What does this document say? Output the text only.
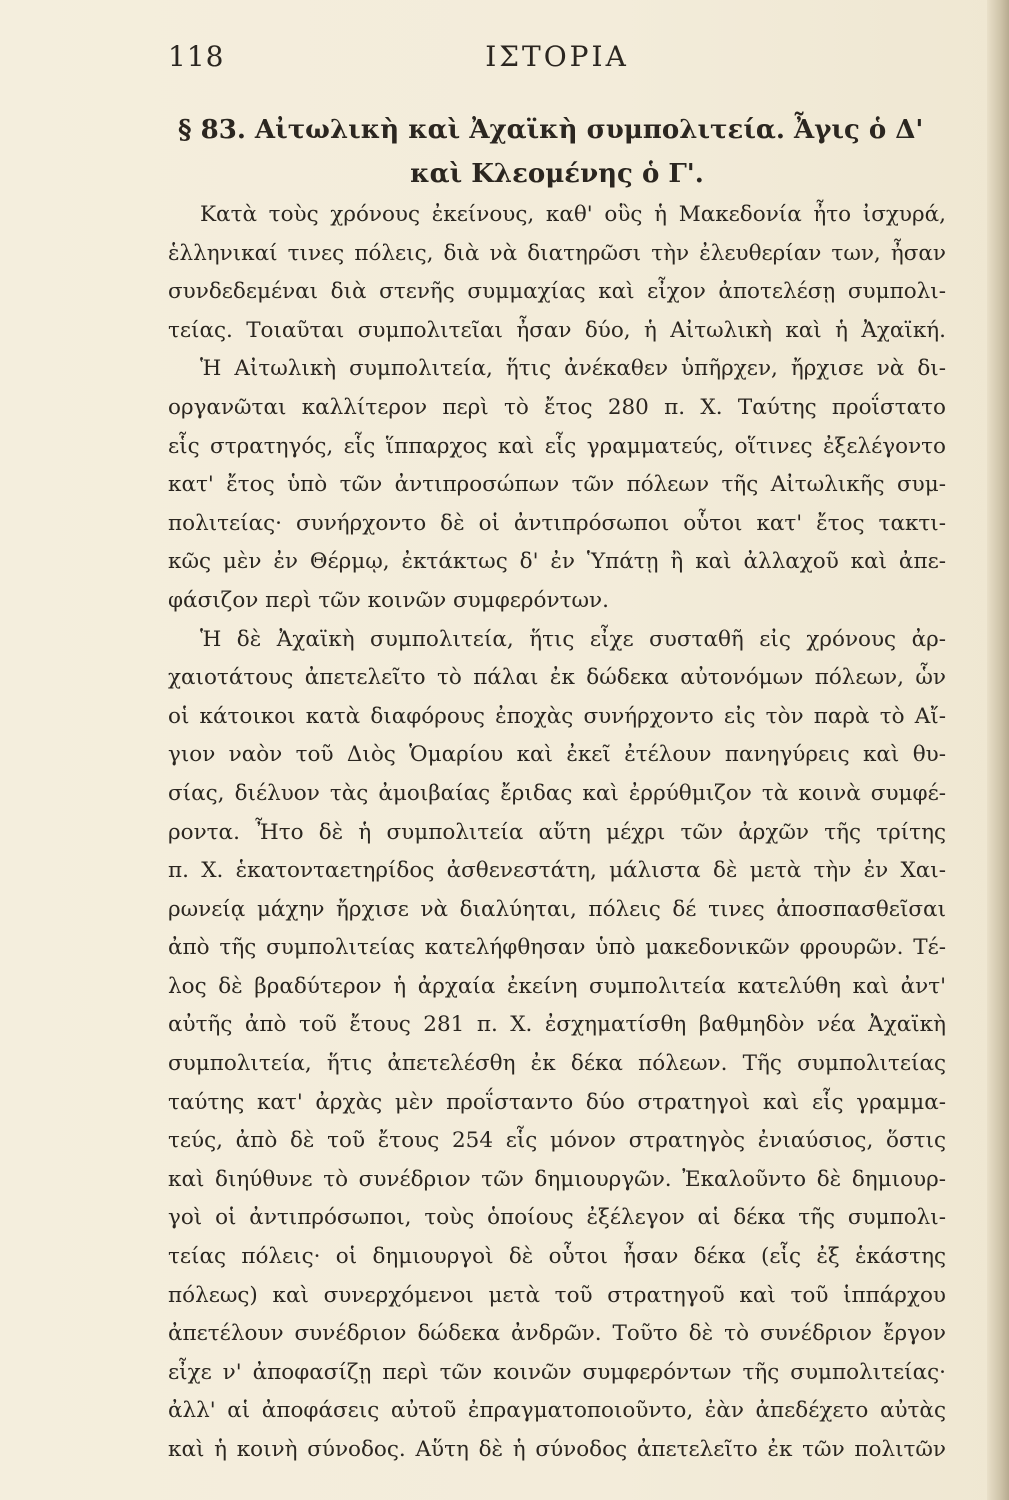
118	ΙΣΤΟΡΙΑ
§ 83. Αἰτωλικὴ καὶ Ἀχαϊκὴ συμπολιτεία. Ἆγις ὁ Δ'
καὶ Κλεομένης ὁ Γ'.
Κατὰ τοὺς χρόνους ἐκείνους, καθ' οὓς ἡ Μακεδονία ἦτο ἰσχυρά,
ἑλληνικαί τινες πόλεις, διὰ νὰ διατηρῶσι τὴν ἐλευθερίαν των, ἦσαν
συνδεδεμέναι διὰ στενῆς συμμαχίας καὶ εἶχον ἀποτελέσῃ συμπολι-
τείας. Τοιαῦται συμπολιτεῖαι ἦσαν δύο, ἡ Αἰτωλικὴ καὶ ἡ Ἀχαϊκή.
Ἡ Αἰτωλικὴ συμπολιτεία, ἥτις ἀνέκαθεν ὑπῆρχεν, ἤρχισε νὰ δι-
οργανῶται καλλίτερον περὶ τὸ ἔτος 280 π. Χ. Ταύτης προΐστατο
εἷς στρατηγός, εἷς ἵππαρχος καὶ εἷς γραμματεύς, οἵτινες ἐξελέγοντο
κατ' ἔτος ὑπὸ τῶν ἀντιπροσώπων τῶν πόλεων τῆς Αἰτωλικῆς συμ-
πολιτείας· συνήρχοντο δὲ οἱ ἀντιπρόσωποι οὗτοι κατ' ἔτος τακτι-
κῶς μὲν ἐν Θέρμῳ, ἐκτάκτως δ' ἐν Ὑπάτῃ ἢ καὶ ἀλλαχοῦ καὶ ἀπε-
φάσιζον περὶ τῶν κοινῶν συμφερόντων.
Ἡ δὲ Ἀχαϊκὴ συμπολιτεία, ἥτις εἶχε συσταθῆ εἰς χρόνους ἀρ-
χαιοτάτους ἀπετελεῖτο τὸ πάλαι ἐκ δώδεκα αὐτονόμων πόλεων, ὧν
οἱ κάτοικοι κατὰ διαφόρους ἐποχὰς συνήρχοντο εἰς τὸν παρὰ τὸ Αἴ-
γιον ναὸν τοῦ Διὸς Ὁμαρίου καὶ ἐκεῖ ἐτέλουν πανηγύρεις καὶ θυ-
σίας, διέλυον τὰς ἀμοιβαίας ἔριδας καὶ ἐρρύθμιζον τὰ κοινὰ συμφέ-
ροντα. Ἦτο δὲ ἡ συμπολιτεία αὕτη μέχρι τῶν ἀρχῶν τῆς τρίτης
π. Χ. ἑκατονταετηρίδος ἀσθενεστάτη, μάλιστα δὲ μετὰ τὴν ἐν Χαι-
ρωνείᾳ μάχην ἤρχισε νὰ διαλύηται, πόλεις δέ τινες ἀποσπασθεῖσαι
ἀπὸ τῆς συμπολιτείας κατελήφθησαν ὑπὸ μακεδονικῶν φρουρῶν. Τέ-
λος δὲ βραδύτερον ἡ ἀρχαία ἐκείνη συμπολιτεία κατελύθη καὶ ἀντ'
αὐτῆς ἀπὸ τοῦ ἔτους 281 π. Χ. ἐσχηματίσθη βαθμηδὸν νέα Ἀχαϊκὴ
συμπολιτεία, ἥτις ἀπετελέσθη ἐκ δέκα πόλεων. Τῆς συμπολιτείας
ταύτης κατ' ἀρχὰς μὲν προΐσταντο δύο στρατηγοὶ καὶ εἷς γραμμα-
τεύς, ἀπὸ δὲ τοῦ ἔτους 254 εἷς μόνον στρατηγὸς ἐνιαύσιος, ὅστις
καὶ διηύθυνε τὸ συνέδριον τῶν δημιουργῶν. Ἐκαλοῦντο δὲ δημιουρ-
γοὶ οἱ ἀντιπρόσωποι, τοὺς ὁποίους ἐξέλεγον αἱ δέκα τῆς συμπολι-
τείας πόλεις· οἱ δημιουργοὶ δὲ οὗτοι ἦσαν δέκα (εἷς ἐξ ἑκάστης
πόλεως) καὶ συνερχόμενοι μετὰ τοῦ στρατηγοῦ καὶ τοῦ ἱππάρχου
ἀπετέλουν συνέδριον δώδεκα ἀνδρῶν. Τοῦτο δὲ τὸ συνέδριον ἔργον
εἶχε ν' ἀποφασίζῃ περὶ τῶν κοινῶν συμφερόντων τῆς συμπολιτείας·
ἀλλ' αἱ ἀποφάσεις αὐτοῦ ἐπραγματοποιοῦντο, ἐὰν ἀπεδέχετο αὐτὰς
καὶ ἡ κοινὴ σύνοδος. Αὕτη δὲ ἡ σύνοδος ἀπετελεῖτο ἐκ τῶν πολιτῶν
